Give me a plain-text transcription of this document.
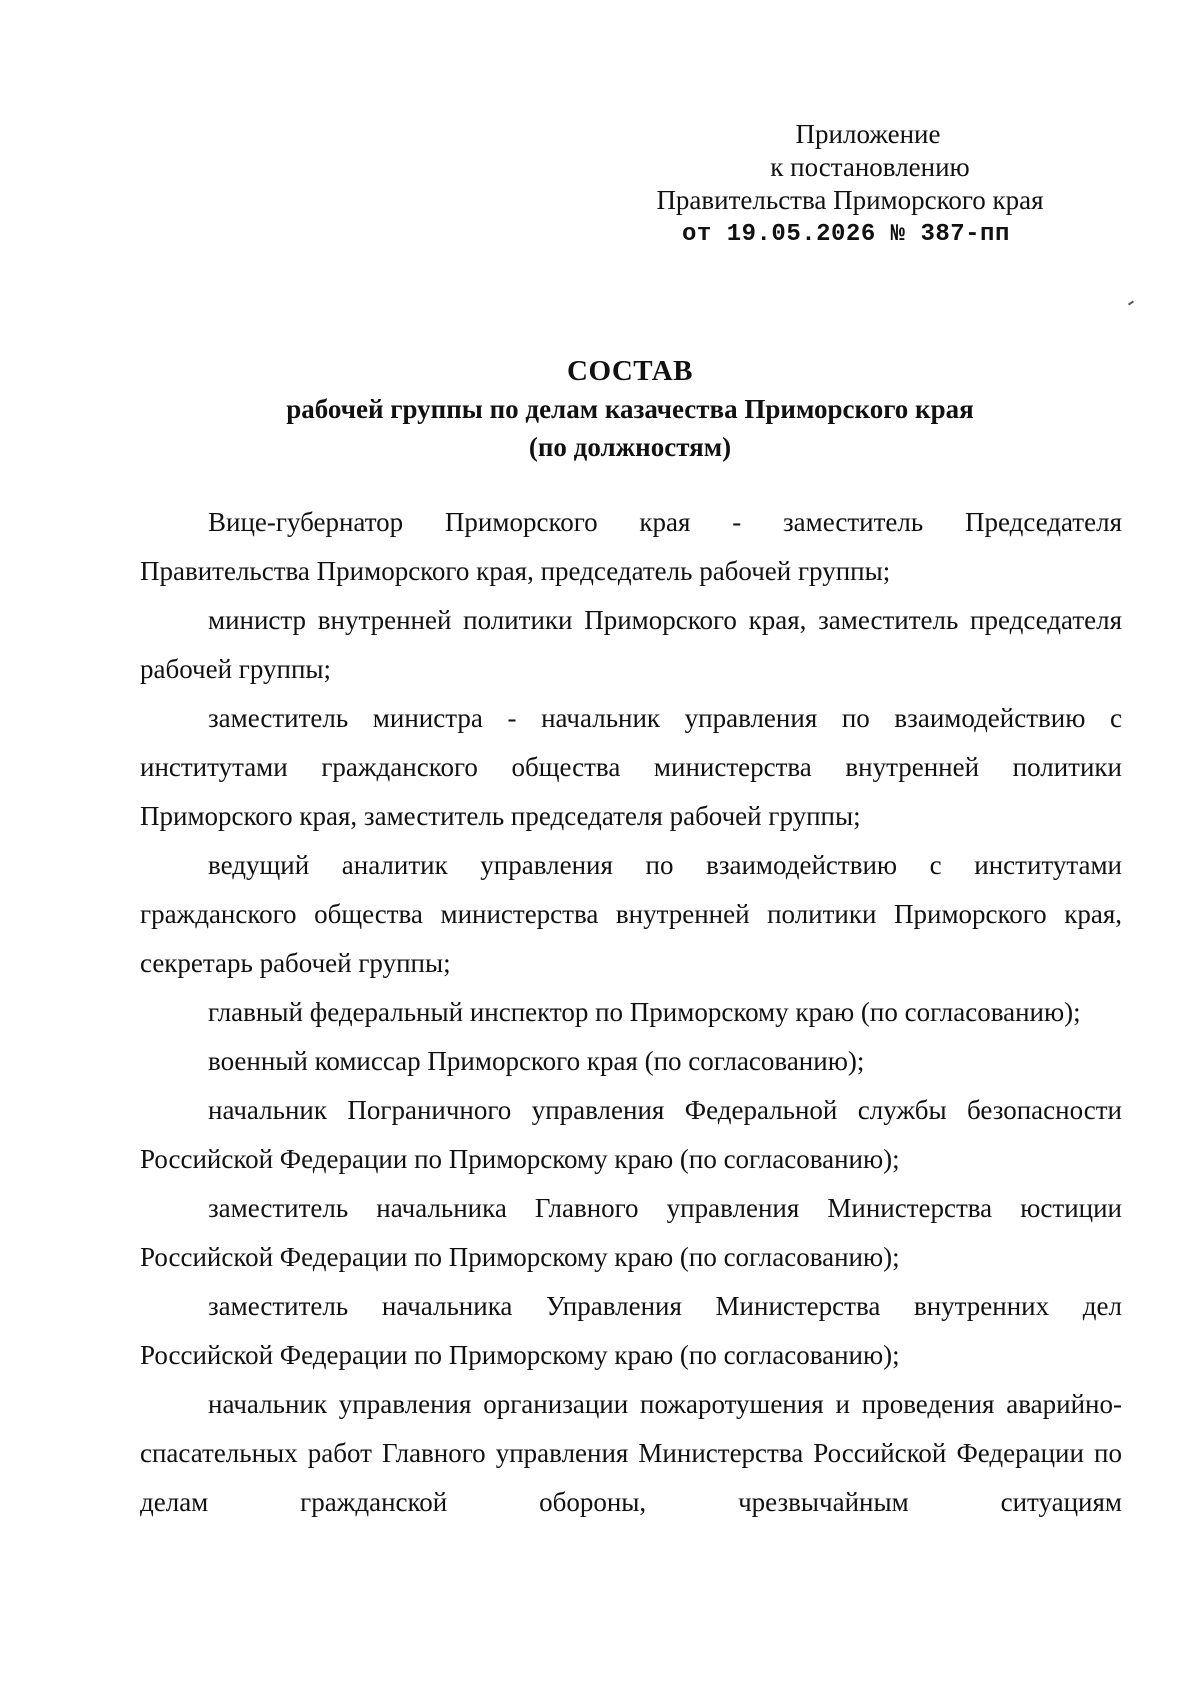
Приложение
к постановлению
Правительства Приморского края
от 19.05.2026 № 387-пп
СОСТАВ
рабочей группы по делам казачества Приморского края
(по должностям)

Вице-губернатор Приморского края - заместитель Председателя Правительства Приморского края, председатель рабочей группы;

министр внутренней политики Приморского края, заместитель председателя рабочей группы;

заместитель министра - начальник управления по взаимодействию с институтами гражданского общества министерства внутренней политики Приморского края, заместитель председателя рабочей группы;

ведущий аналитик управления по взаимодействию с институтами гражданского общества министерства внутренней политики Приморского края, секретарь рабочей группы;

главный федеральный инспектор по Приморскому краю (по согласованию);

военный комиссар Приморского края (по согласованию);

начальник Пограничного управления Федеральной службы безопасности Российской Федерации по Приморскому краю (по согласованию);

заместитель начальника Главного управления Министерства юстиции Российской Федерации по Приморскому краю (по согласованию);

заместитель начальника Управления Министерства внутренних дел Российской Федерации по Приморскому краю (по согласованию);

начальник управления организации пожаротушения и проведения аварийно-спасательных работ Главного управления Министерства Российской Федерации по делам гражданской обороны, чрезвычайным ситуациям
